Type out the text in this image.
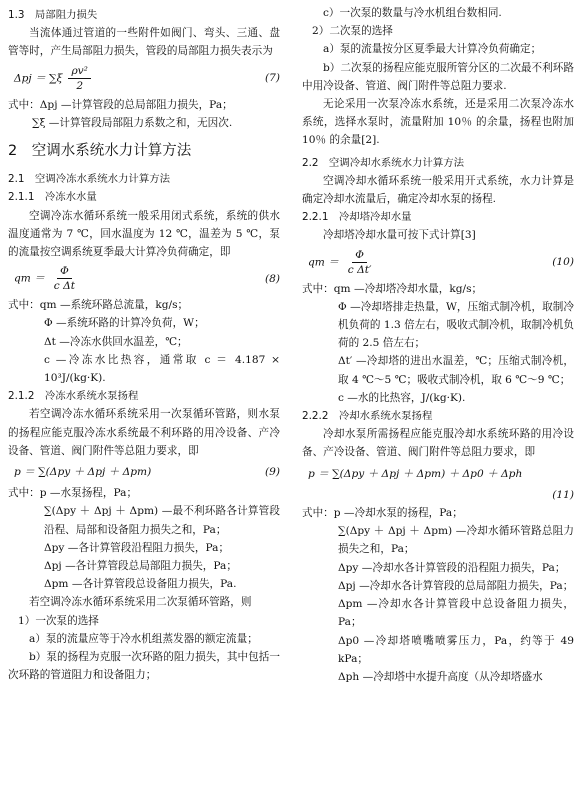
1.3　局部阻力损失

当流体通过管道的一些附件如阀门、弯头、三通、盘管等时，产生局部阻力损失，管段的局部阻力损失表示为

$\Delta pj = \sum\xi \frac{\text{ρv²}}{2}$	(7)

式中：Δpj —计算管段的总局部阻力损失，Pa；

∑ξ —计算管段局部阻力系数之和，无因次.

2　空调水系统水力计算方法
2.1　空调冷冻水系统水力计算方法
2.1.1　冷冻水水量

空调冷冻水循环系统一般采用闭式系统，系统的供水温度通常为 7 ℃，回水温度为 12 ℃，温差为 5 ℃，泵的流量按空调系统夏季最大计算冷负荷确定，即

qm ＝ $\frac{\Phi}{\text{c Δt}}$	(8)

式中：qm —系统环路总流量，kg/s；

Φ —系统环路的计算冷负荷，W；

Δt —冷冻水供回水温差，℃；

c —冷冻水比热容，通常取 c ＝ 4.187 × 10³J/(kg·K).

2.1.2　冷冻水系统水泵扬程

若空调冷冻水循环系统采用一次泵循环管路，则水泵的扬程应能克服冷冻水系统最不利环路的用冷设备、产冷设备、管道、阀门附件等总阻力要求，即

p ＝ ∑(Δpy ＋ Δpj ＋ Δpm)	(9)

式中：p —水泵扬程，Pa；

∑(Δpy ＋ Δpj ＋ Δpm) —最不利环路各计算管段沿程、局部和设备阻力损失之和，Pa；

Δpy —各计算管段沿程阻力损失，Pa；

Δpj —各计算管段总局部阻力损失，Pa；

Δpm —各计算管段总设备阻力损失，Pa.

若空调冷冻水循环系统采用二次泵循环管路，则

1）一次泵的选择

a）泵的流量应等于冷水机组蒸发器的额定流量；

b）泵的扬程为克服一次环路的阻力损失，其中包括一次环路的管道阻力和设备阻力；

c）一次泵的数量与冷水机组台数相同.

2）二次泵的选择

a）泵的流量按分区夏季最大计算冷负荷确定；

b）二次泵的扬程应能克服所管分区的二次最不利环路中用冷设备、管道、阀门附件等总阻力要求.

无论采用一次泵冷冻水系统，还是采用二次泵冷冻水系统，选择水泵时，流量附加 10％ 的余量，扬程也附加 10％ 的余量[2].

2.2　空调冷却水系统水力计算方法

空调冷却水循环系统一般采用开式系统，水力计算是确定冷却水流量后，确定冷却水泵的扬程.

2.2.1　冷却塔冷却水量

冷却塔冷却水量可按下式计算[3]

qm ＝ $\frac{\Phi}{\text{c Δt′}}$	(10)

式中：qm —冷却塔冷却水量，kg/s；

Φ —冷却塔排走热量，W，压缩式制冷机，取制冷机负荷的 1.3 倍左右，吸收式制冷机，取制冷机负荷的 2.5 倍左右；

Δt′ —冷却塔的进出水温差，℃；压缩式制冷机，取 4 ℃～5 ℃；吸收式制冷机，取 6 ℃～9 ℃；

c —水的比热容，J/(kg·K).

2.2.2　冷却水系统水泵扬程

冷却水泵所需扬程应能克服冷却水系统环路的用冷设备、产冷设备、管道、阀门附件等总阻力要求，即

p ＝ ∑(Δpy ＋ Δpj ＋ Δpm) ＋ Δp0 ＋ Δph
(11)

式中：p —冷却水泵的扬程，Pa；

∑(Δpy ＋ Δpj ＋ Δpm) —冷却水循环管路总阻力损失之和，Pa；

Δpy —冷却水各计算管段的沿程阻力损失，Pa；

Δpj —冷却水各计算管段的总局部阻力损失，Pa；

Δpm —冷却水各计算管段中总设备阻力损失，Pa；

Δp0 —冷却塔喷嘴喷雾压力，Pa，约等于 49 kPa；

Δph —冷却塔中水提升高度（从冷却塔盛水
